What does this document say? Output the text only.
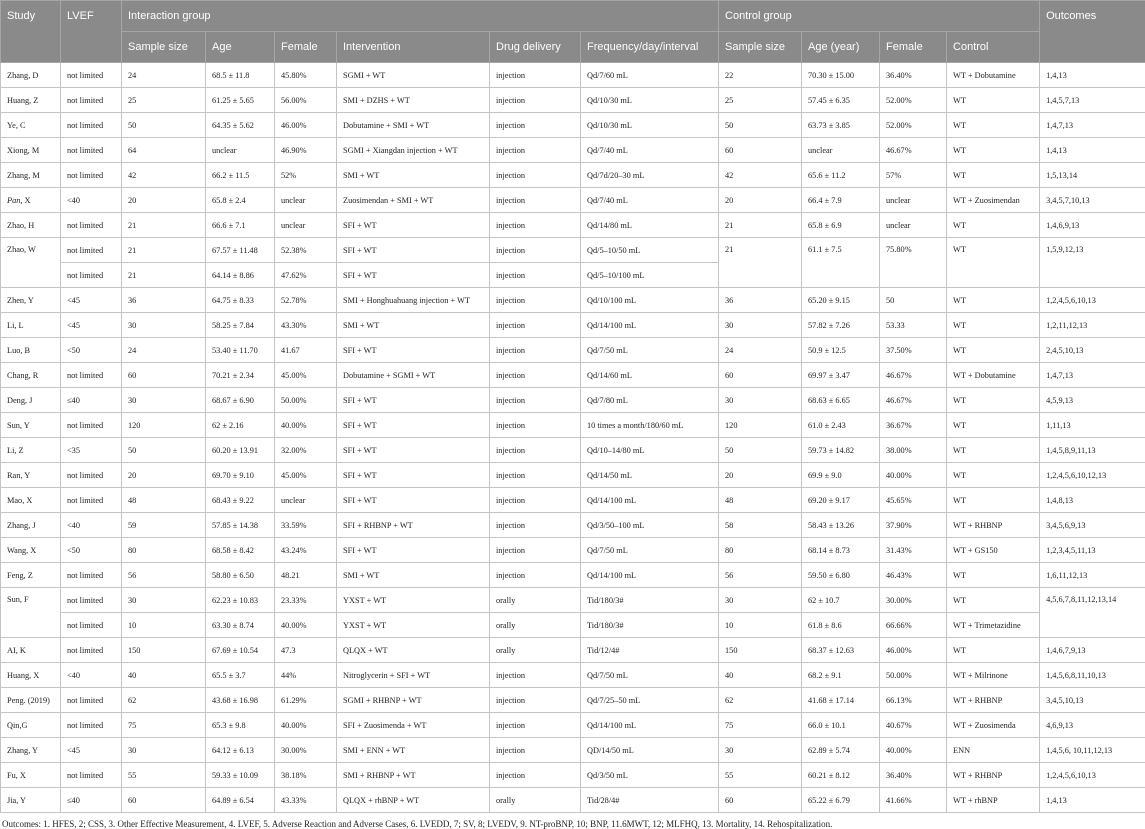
Study	LVEF	Interaction group						Control group				Outcomes
		Sample size	Age	Female	Intervention	Drug delivery	Frequency/day/interval	Sample size	Age (year)	Female	Control	
Zhang, D	not limited	24	68.5 ± 11.8	45.80%	SGMI + WT	injection	Qd/7/60 mL	22	70.30 ± 15.00	36.40%	WT + Dobutamine	1,4,13
Huang, Z	not limited	25	61.25 ± 5.65	56.00%	SMI + DZHS + WT	injection	Qd/10/30 mL	25	57.45 ± 6.35	52.00%	WT	1,4,5,7,13
Ye, C	not limited	50	64.35 ± 5.62	46.00%	Dobutamine + SMI + WT	injection	Qd/10/30 mL	50	63.73 ± 3.85	52.00%	WT	1,4,7,13
Xiong, M	not limited	64	unclear	46.90%	SGMI + Xiangdan injection + WT	injection	Qd/7/40 mL	60	unclear	46.67%	WT	1,4,13
Zhang, M	not limited	42	66.2 ± 11.5	52%	SMI + WT	injection	Qd/7d/20–30 mL	42	65.6 ± 11.2	57%	WT	1,5,13,14
Pan, X	<40	20	65.8 ± 2.4	unclear	Zuosimendan + SMI + WT	injection	Qd/7/40 mL	20	66.4 ± 7.9	unclear	WT + Zuosimendan	3,4,5,7,10,13
Zhao, H	not limited	21	66.6 ± 7.1	unclear	SFI + WT	injection	Qd/14/80 mL	21	65.8 ± 6.9	unclear	WT	1,4,6,9,13
Zhao, W	not limited	21	67.57 ± 11.48	52.38%	SFI + WT	injection	Qd/5–10/50 mL	21	61.1 ± 7.5	75.80%	WT	1,5,9,12,13
	not limited	21	64.14 ± 8.86	47.62%	SFI + WT	injection	Qd/5–10/100 mL					
Zhen, Y	<45	36	64.75 ± 8.33	52.78%	SMI + Honghuahuang injection + WT	injection	Qd/10/100 mL	36	65.20 ± 9.15	50	WT	1,2,4,5,6,10,13
Li, L	<45	30	58.25 ± 7.84	43.30%	SMI + WT	injection	Qd/14/100 mL	30	57.82 ± 7.26	53.33	WT	1,2,11,12,13
Luo, B	<50	24	53.40 ± 11.70	41.67	SFI + WT	injection	Qd/7/50 mL	24	50.9 ± 12.5	37.50%	WT	2,4,5,10,13
Chang, R	not limited	60	70.21 ± 2.34	45.00%	Dobutamine + SGMI + WT	injection	Qd/14/60 mL	60	69.97 ± 3.47	46.67%	WT + Dobutamine	1,4,7,13
Deng, J	≤40	30	68.67 ± 6.90	50.00%	SFI + WT	injection	Qd/7/80 mL	30	68.63 ± 6.65	46.67%	WT	4,5,9,13
Sun, Y	not limited	120	62 ± 2.16	40.00%	SFI + WT	injection	10 times a month/180/60 mL	120	61.0 ± 2.43	36.67%	WT	1,11,13
Li, Z	<35	50	60.20 ± 13.91	32.00%	SFI + WT	injection	Qd/10–14/80 mL	50	59.73 ± 14.82	38.00%	WT	1,4,5,8,9,11,13
Ran, Y	not limited	20	69.70 ± 9.10	45.00%	SFI + WT	injection	Qd/14/50 mL	20	69.9 ± 9.0	40.00%	WT	1,2,4,5,6,10,12,13
Mao, X	not limited	48	68.43 ± 9.22	unclear	SFI + WT	injection	Qd/14/100 mL	48	69.20 ± 9.17	45.65%	WT	1,4,8,13
Zhang, J	<40	59	57.85 ± 14.38	33.59%	SFI + RHBNP + WT	injection	Qd/3/50–100 mL	58	58.43 ± 13.26	37.90%	WT + RHBNP	3,4,5,6,9,13
Wang, X	<50	80	68.58 ± 8.42	43.24%	SFI + WT	injection	Qd/7/50 mL	80	68.14 ± 8.73	31.43%	WT + GS150	1,2,3,4,5,11,13
Feng, Z	not limited	56	58.80 ± 6.50	48.21	SMI + WT	injection	Qd/14/100 mL	56	59.50 ± 6.80	46.43%	WT	1,6,11,12,13
Sun, F	not limited	30	62.23 ± 10.83	23.33%	YXST + WT	orally	Tid/180/3#	30	62 ± 10.7	30.00%	WT	4,5,6,7,8,11,12,13,14
	not limited	10	63.30 ± 8.74	40.00%	YXST + WT	orally	Tid/180/3#	10	61.8 ± 8.6	66.66%	WT + Trimetazidine	
AI, K	not limited	150	67.69 ± 10.54	47.3	QLQX + WT	orally	Tid/12/4#	150	68.37 ± 12.63	46.00%	WT	1,4,6,7,9,13
Huang, X	<40	40	65.5 ± 3.7	44%	Nitroglycerin + SFI + WT	injection	Qd/7/50 mL	40	68.2 ± 9.1	50.00%	WT + Milrinone	1,4,5,6,8,11,10,13
Peng. (2019)	not limited	62	43.68 ± 16.98	61.29%	SGMI + RHBNP + WT	injection	Qd/7/25–50 mL	62	41.68 ± 17.14	66.13%	WT + RHBNP	3,4,5,10,13
Qin,G	not limited	75	65.3 ± 9.8	40.00%	SFI + Zuosimenda + WT	injection	Qd/14/100 mL	75	66.0 ± 10.1	40.67%	WT + Zuosimenda	4,6,9,13
Zhang, Y	<45	30	64.12 ± 6.13	30.00%	SMI + ENN + WT	injection	QD/14/50 mL	30	62.89 ± 5.74	40.00%	ENN	1,4,5,6, 10,11,12,13
Fu, X	not limited	55	59.33 ± 10.09	38.18%	SMI + RHBNP + WT	injection	Qd/3/50 mL	55	60.21 ± 8.12	36.40%	WT + RHBNP	1,2,4,5,6,10,13
Jia, Y	≤40	60	64.89 ± 6.54	43.33%	QLQX + rhBNP + WT	orally	Tid/28/4#	60	65.22 ± 6.79	41.66%	WT + rhBNP	1,4,13
Outcomes: 1. HFES, 2; CSS, 3. Other Effective Measurement, 4. LVEF, 5. Adverse Reaction and Adverse Cases, 6. LVEDD, 7; SV, 8; LVEDV, 9. NT-proBNP, 10; BNP, 11.6MWT, 12; MLFHQ, 13. Mortality, 14. Rehospitalization.
